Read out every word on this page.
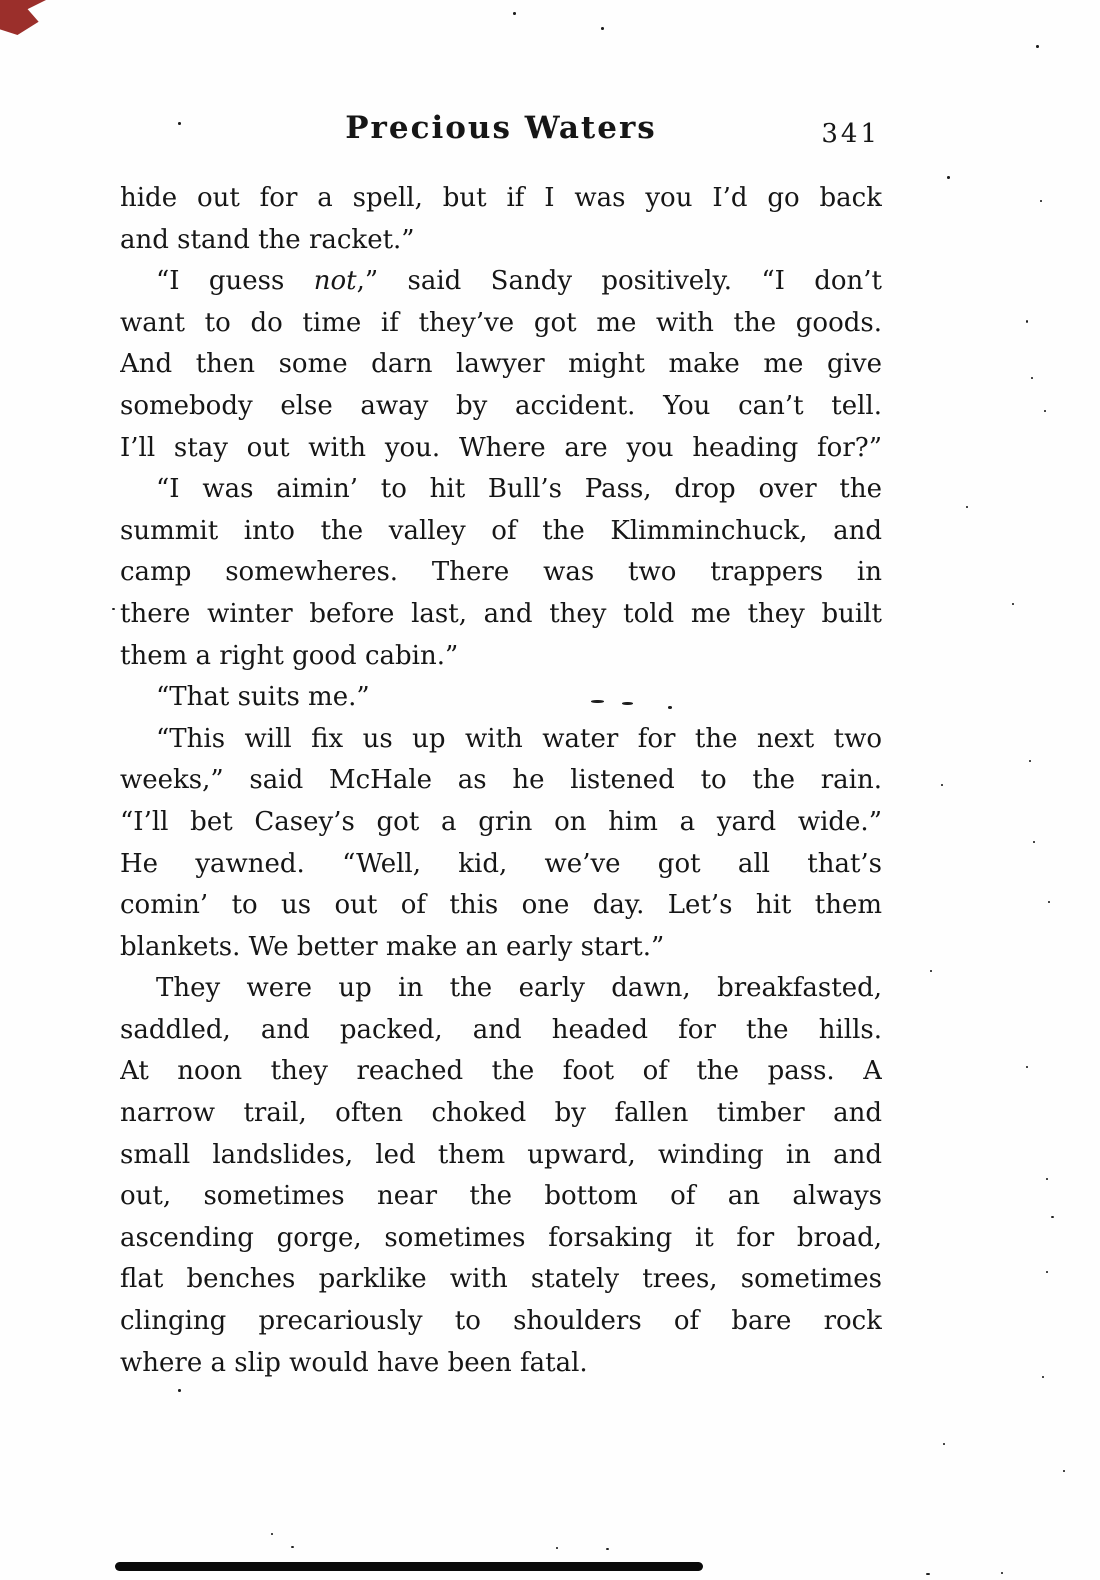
Precious Waters	341
hide out for a spell, but if I was you I’d go back
and stand the racket.”
“I guess not,” said Sandy positively. “I don’t
want to do time if they’ve got me with the goods.
And then some darn lawyer might make me give
somebody else away by accident. You can’t tell.
I’ll stay out with you. Where are you heading for?”
“I was aimin’ to hit Bull’s Pass, drop over the
summit into the valley of the Klimminchuck, and
camp somewheres. There was two trappers in
there winter before last, and they told me they built
them a right good cabin.”
“That suits me.”
“This will fix us up with water for the next two
weeks,” said McHale as he listened to the rain.
“I’ll bet Casey’s got a grin on him a yard wide.”
He yawned. “Well, kid, we’ve got all that’s
comin’ to us out of this one day. Let’s hit them
blankets. We better make an early start.”
They were up in the early dawn, breakfasted,
saddled, and packed, and headed for the hills.
At noon they reached the foot of the pass. A
narrow trail, often choked by fallen timber and
small landslides, led them upward, winding in and
out, sometimes near the bottom of an always
ascending gorge, sometimes forsaking it for broad,
flat benches parklike with stately trees, sometimes
clinging precariously to shoulders of bare rock
where a slip would have been fatal.
